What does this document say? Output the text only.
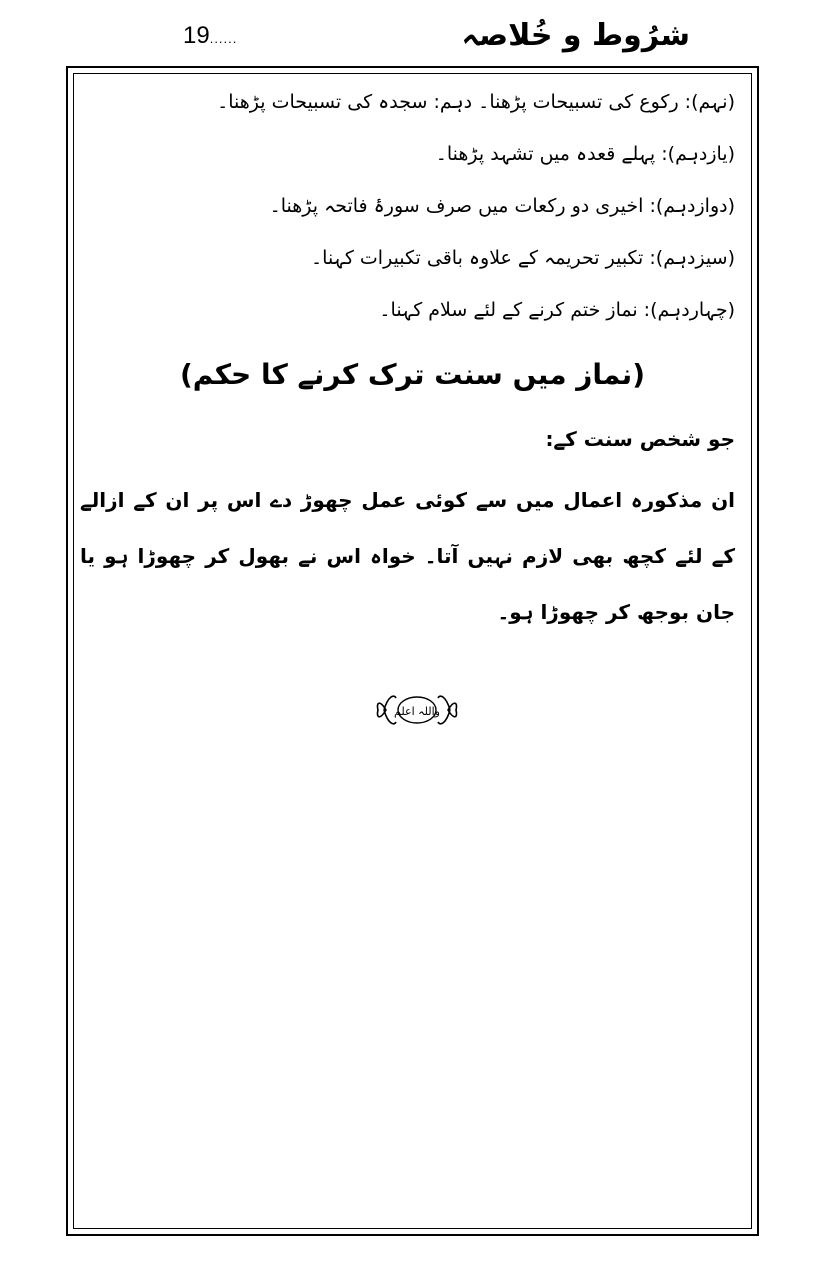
19......	شرُوط و خُلاصہ
(نہم): رکوع کی تسبیحات پڑھنا۔ دہم: سجدہ کی تسبیحات پڑھنا۔
(یازدہم): پہلے قعدہ میں تشہد پڑھنا۔
(دوازدہم): اخیری دو رکعات میں صرف سورۂ فاتحہ پڑھنا۔
(سیزدہم): تکبیر تحریمہ کے علاوہ باقی تکبیرات کہنا۔
(چہاردہم): نماز ختم کرنے کے لئے سلام کہنا۔
(نماز میں سنت ترک کرنے کا حکم)
جو شخص سنت کے:
ان مذکورہ اعمال میں سے کوئی عمل چھوڑ دے اس پر ان کے ازالے کے لئے کچھ بھی لازم نہیں آتا۔ خواہ اس نے بھول کر چھوڑا ہو یا جان بوجھ کر چھوڑا ہو۔
واللہ اعلم
